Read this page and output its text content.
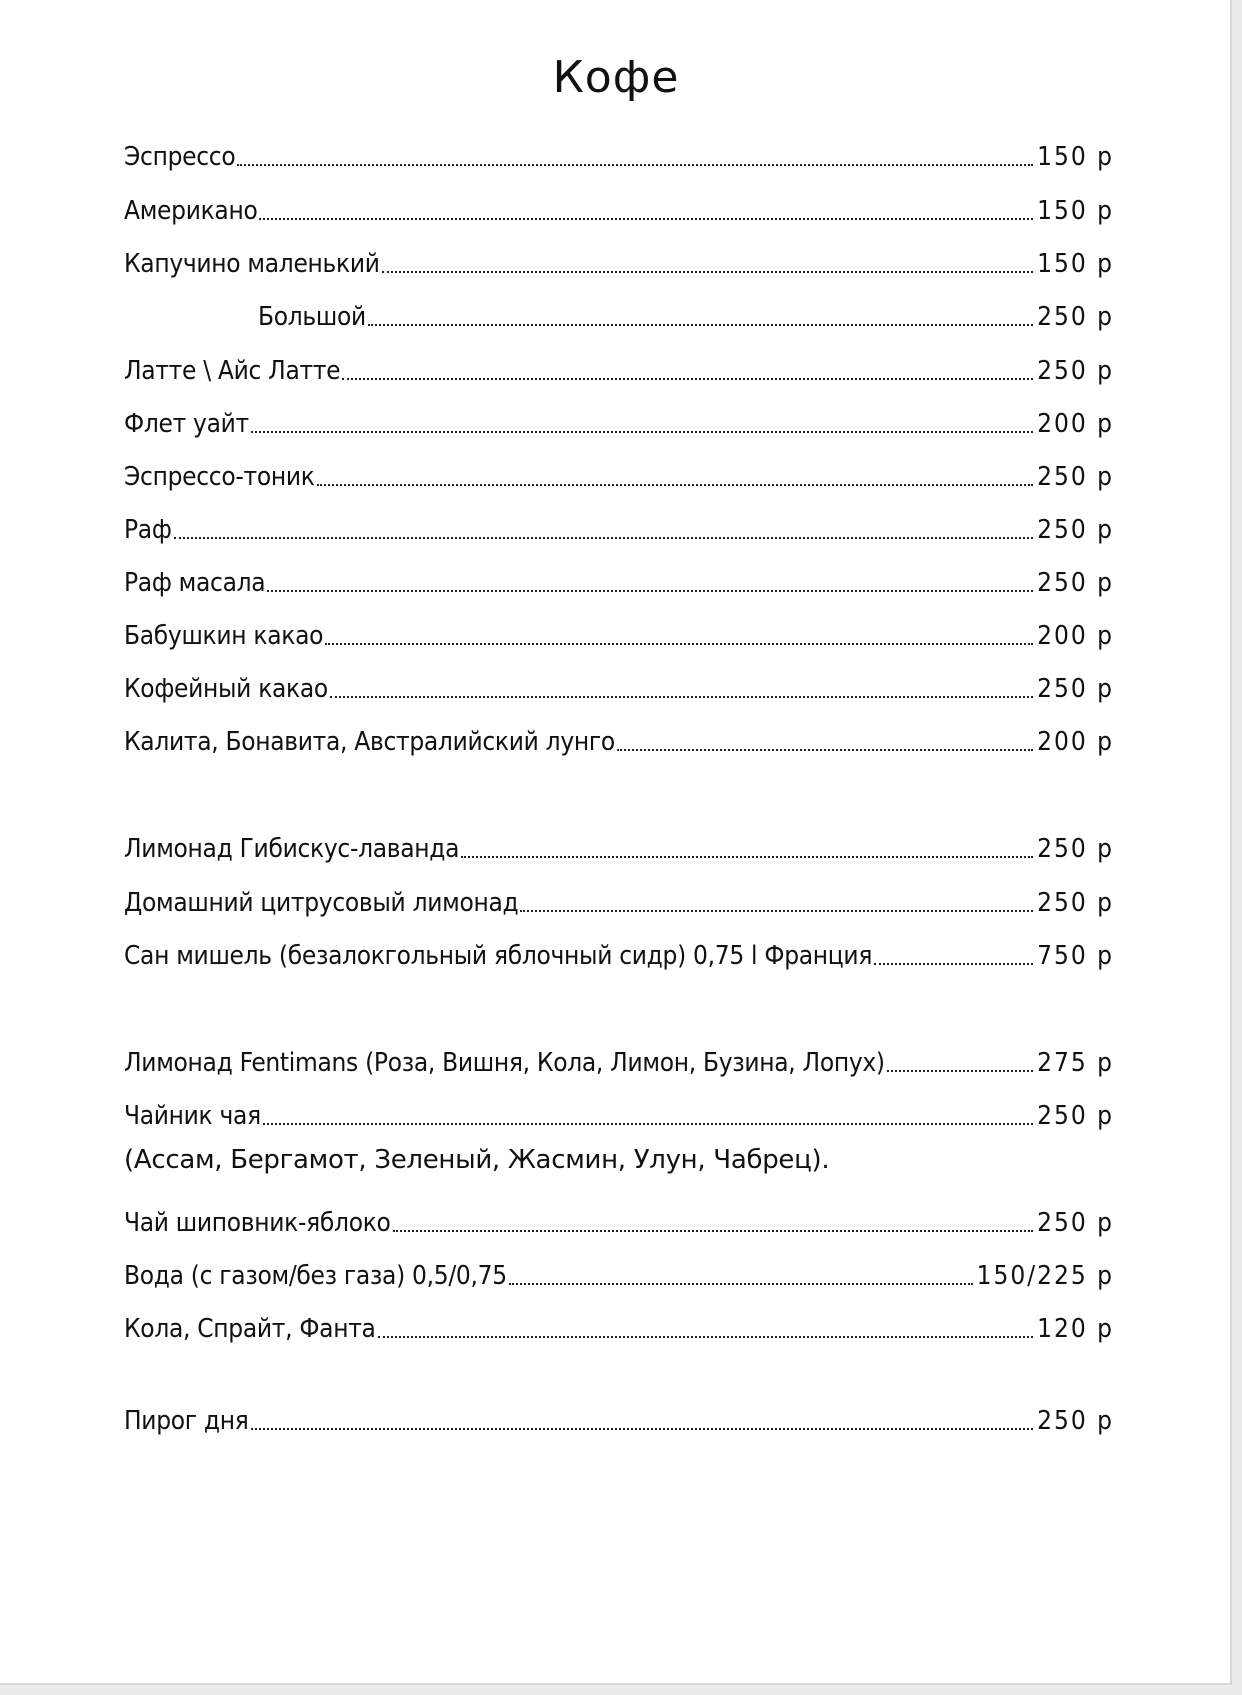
Кофе
Эспрессо	150 р
Американо	150 р
Капучино маленький	150 р
Большой	250 р
Латте \ Айс Латте	250 р
Флет уайт	200 р
Эспрессо-тоник	250 р
Раф	250 р
Раф масала	250 р
Бабушкин какао	200 р
Кофейный какао	250 р
Калита, Бонавита, Австралийский лунго	200 р
Лимонад Гибискус-лаванда	250 р
Домашний цитрусовый лимонад	250 р
Сан мишель (безалокгольный яблочный сидр) 0,75 l Франция	750 р
Лимонад Fentimans (Роза, Вишня, Кола, Лимон, Бузина, Лопух)	275 р
Чайник чая	250 р
(Ассам, Бергамот, Зеленый, Жасмин, Улун, Чабрец).
Чай шиповник-яблоко	250 р
Вода (с газом/без газа) 0,5/0,75	150/225 р
Кола, Спрайт, Фанта	120 р
Пирог дня	250 р
